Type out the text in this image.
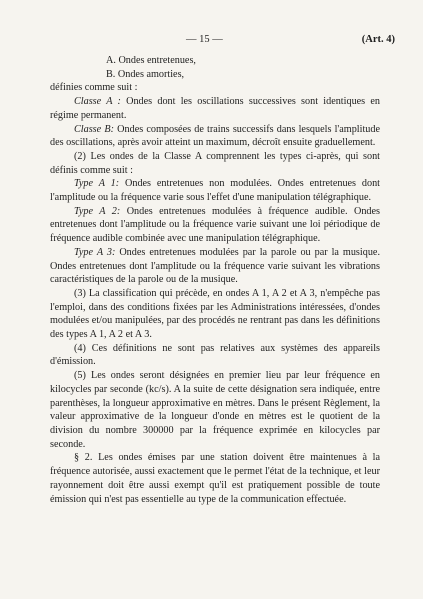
— 15 —	(Art. 4)

A. Ondes entretenues,

B. Ondes amorties,

définies comme suit :

Classe A : Ondes dont les oscillations successives sont identiques en régime permanent.

Classe B: Ondes composées de trains successifs dans lesquels l'amplitude des oscillations, après avoir atteint un maximum, décroît ensuite graduellement.

(2) Les ondes de la Classe A comprennent les types ci-après, qui sont définis comme suit :

Type A 1: Ondes entretenues non modulées. Ondes entretenues dont l'amplitude ou la fréquence varie sous l'effet d'une manipulation télégraphique.

Type A 2: Ondes entretenues modulées à fréquence audible. Ondes entretenues dont l'amplitude ou la fréquence varie suivant une loi périodique de fréquence audible combinée avec une manipulation télégraphique.

Type A 3: Ondes entretenues modulées par la parole ou par la musique. Ondes entretenues dont l'amplitude ou la fréquence varie suivant les vibrations caractéristiques de la parole ou de la musique.

(3) La classification qui précède, en ondes A 1, A 2 et A 3, n'empêche pas l'emploi, dans des conditions fixées par les Administrations intéressées, d'ondes modulées et/ou manipulées, par des procédés ne rentrant pas dans les définitions des types A 1, A 2 et A 3.

(4) Ces définitions ne sont pas relatives aux systèmes des appareils d'émission.

(5) Les ondes seront désignées en premier lieu par leur fréquence en kilocycles par seconde (kc/s). A la suite de cette désignation sera indiquée, entre parenthèses, la longueur approximative en mètres. Dans le présent Règlement, la valeur approximative de la longueur d'onde en mètres est le quotient de la division du nombre 300000 par la fréquence exprimée en kilocycles par seconde.

§ 2. Les ondes émises par une station doivent être maintenues à la fréquence autorisée, aussi exactement que le permet l'état de la technique, et leur rayonnement doit être aussi exempt qu'il est pratiquement possible de toute émission qui n'est pas essentielle au type de la communication effectuée.
